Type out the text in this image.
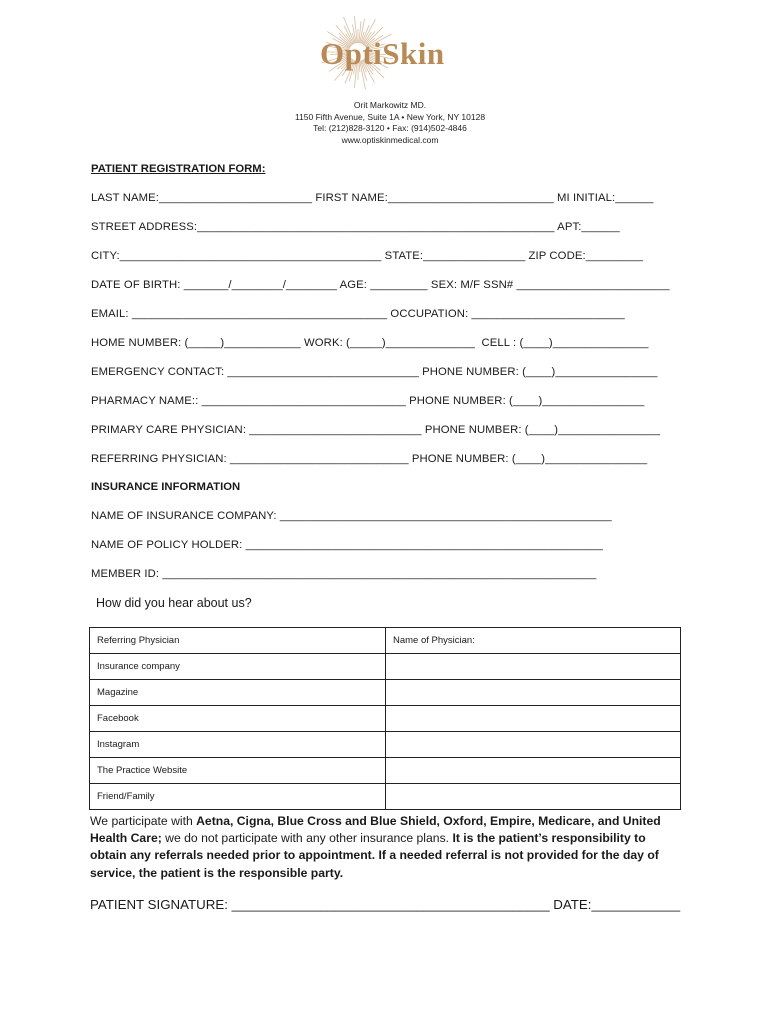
OptiSkin
Orit Markowitz MD.
1150 Fifth Avenue, Suite 1A • New York, NY 10128
Tel: (212)828-3120 • Fax: (914)502-4846
www.optiskinmedical.com
PATIENT REGISTRATION FORM:
LAST NAME:________________________ FIRST NAME:__________________________ MI INITIAL:______
STREET ADDRESS:________________________________________________________ APT:______
CITY:_________________________________________ STATE:________________ ZIP CODE:_________
DATE OF BIRTH: _______/________/________ AGE: _________ SEX: M/F SSN# ________________________
EMAIL: ________________________________________ OCCUPATION: ________________________
HOME NUMBER: (_____)____________ WORK: (_____)______________  CELL : (____)_______________
EMERGENCY CONTACT: ______________________________ PHONE NUMBER: (____)________________
PHARMACY NAME:: ________________________________ PHONE NUMBER: (____)________________
PRIMARY CARE PHYSICIAN: ___________________________ PHONE NUMBER: (____)________________
REFERRING PHYSICIAN: ____________________________ PHONE NUMBER: (____)________________
INSURANCE INFORMATION
NAME OF INSURANCE COMPANY: ____________________________________________________
NAME OF POLICY HOLDER: ________________________________________________________
MEMBER ID: ____________________________________________________________________
How did you hear about us?
Referring Physician	Name of Physician:
Insurance company	
Magazine	
Facebook	
Instagram	
The Practice Website	
Friend/Family	
We participate with Aetna, Cigna, Blue Cross and Blue Shield, Oxford, Empire, Medicare, and United Health Care; we do not participate with any other insurance plans. It is the patient’s responsibility to obtain any referrals needed prior to appointment. If a needed referral is not provided for the day of service, the patient is the responsible party.
PATIENT SIGNATURE: ___________________________________________ DATE:____________
